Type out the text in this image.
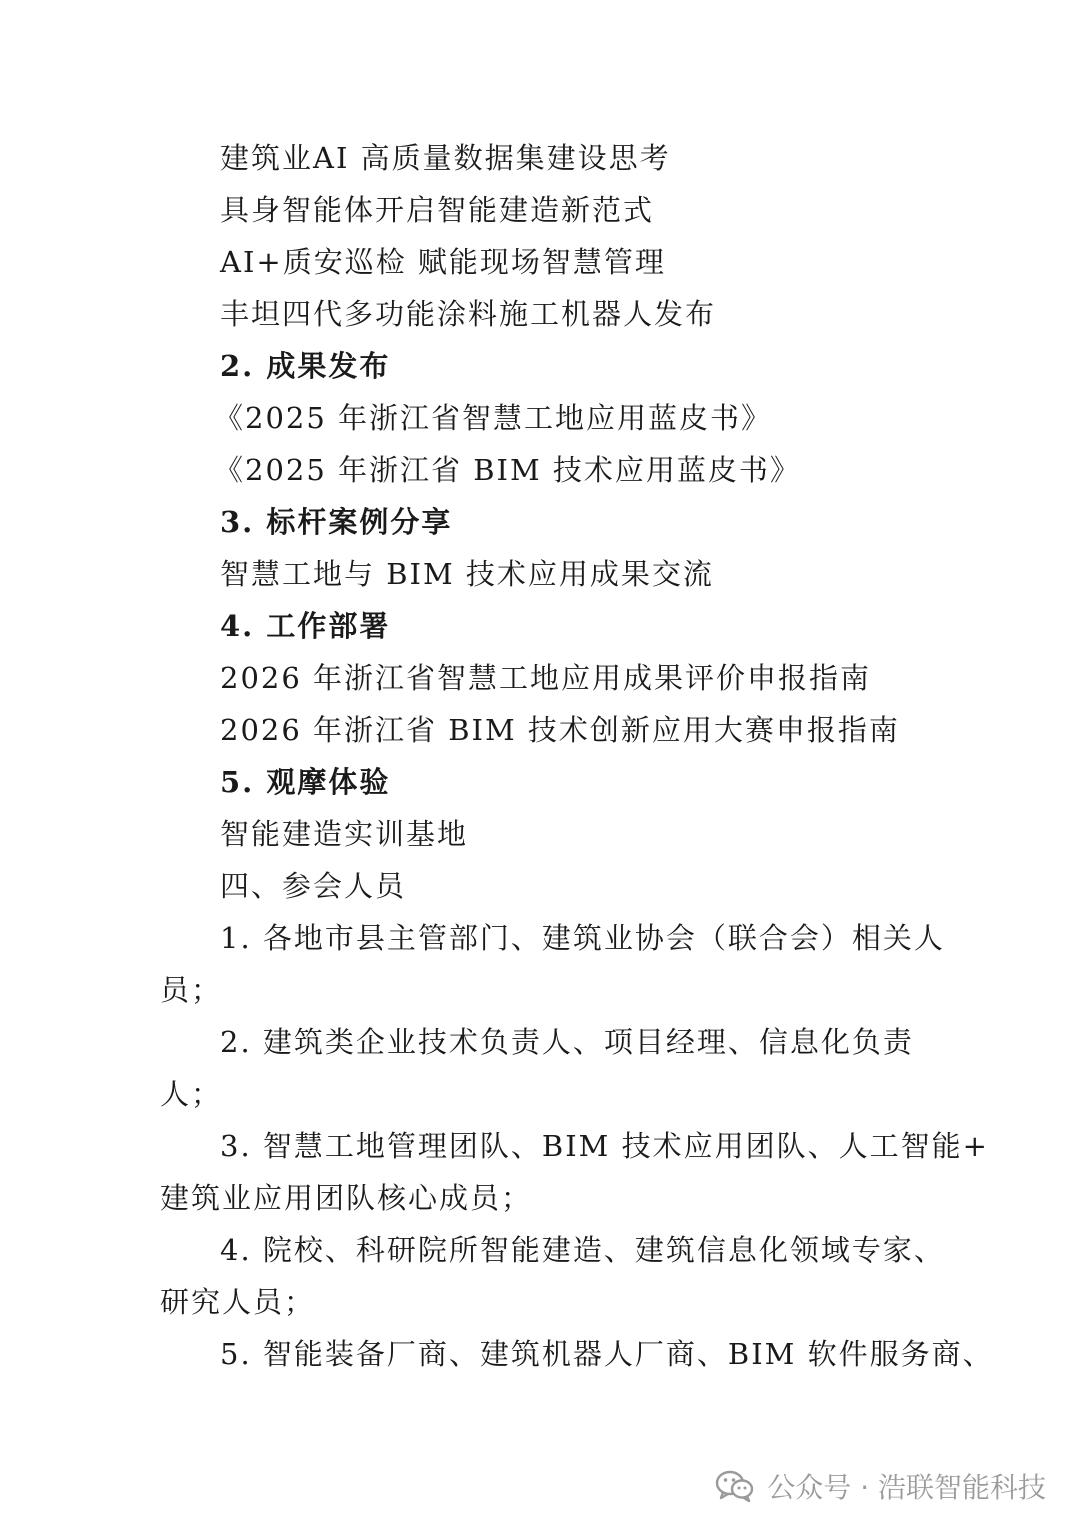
建筑业AI 高质量数据集建设思考
具身智能体开启智能建造新范式
AI+质安巡检 赋能现场智慧管理
丰坦四代多功能涂料施工机器人发布
2. 成果发布
《2025 年浙江省智慧工地应用蓝皮书》
《2025 年浙江省 BIM 技术应用蓝皮书》
3. 标杆案例分享
智慧工地与 BIM 技术应用成果交流
4. 工作部署
2026 年浙江省智慧工地应用成果评价申报指南
2026 年浙江省 BIM 技术创新应用大赛申报指南
5. 观摩体验
智能建造实训基地
四、参会人员
1. 各地市县主管部门、建筑业协会（联合会）相关人
员；
2. 建筑类企业技术负责人、项目经理、信息化负责
人；
3. 智慧工地管理团队、BIM 技术应用团队、人工智能+
建筑业应用团队核心成员；
4. 院校、科研院所智能建造、建筑信息化领域专家、
研究人员；
5. 智能装备厂商、建筑机器人厂商、BIM 软件服务商、
公众号 · 浩联智能科技
